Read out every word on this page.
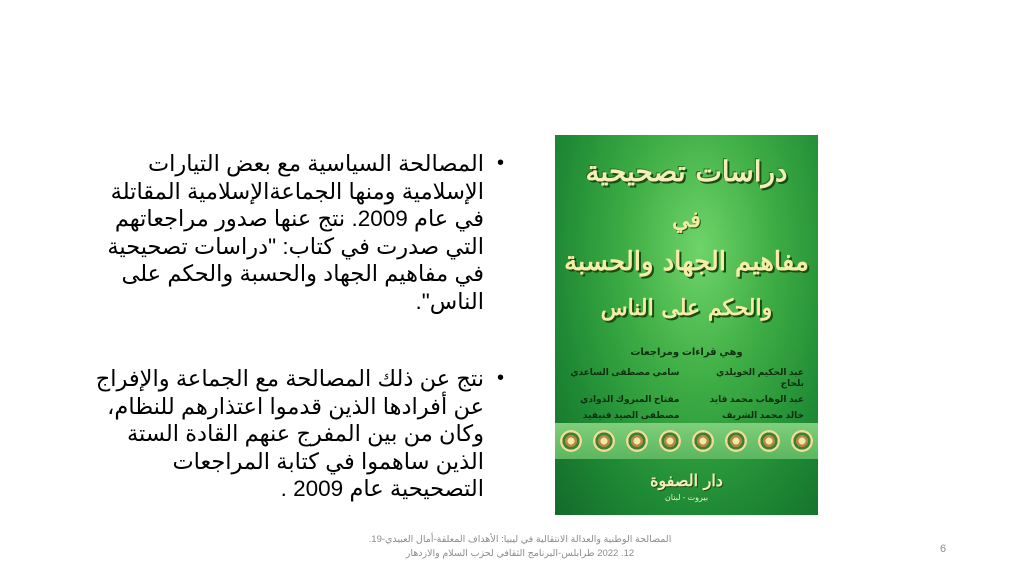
•
المصالحة السياسية مع بعض التيارات الإسلامية ومنها الجماعةالإسلامية المقاتلة في عام 2009. نتج عنها صدور مراجعاتهم التي صدرت في كتاب: "دراسات تصحيحية في مفاهيم الجهاد والحسبة والحكم على الناس".

•
نتج عن ذلك المصالحة مع الجماعة والإفراج عن أفرادها الذين قدموا اعتذارهم للنظام، وكان من بين المفرج عنهم القادة الستة الذين ساهموا في كتابة المراجعات التصحيحية عام 2009 .

دراسات تصحيحية
في
مفاهيم الجهاد والحسبة
والحكم على الناس
وهي قراءات ومراجعات
عبد الحكيم الخويلدي بلحاج
سامي مصطفى الساعدي
عبد الوهاب محمد قايد
مفتاح المبروك الذوادي
خالد محمد الشريف
مصطفى الصيد قنيفيد
دار الصفوة
بيروت - لبنان
المصالحة الوطنية والعدالة الانتقالية في ليبيا: الأهداف المعلقة-أمال العبيدي-19.
12. 2022 طرابلس-البرنامج الثقافي لحزب السلام والازدهار	6
